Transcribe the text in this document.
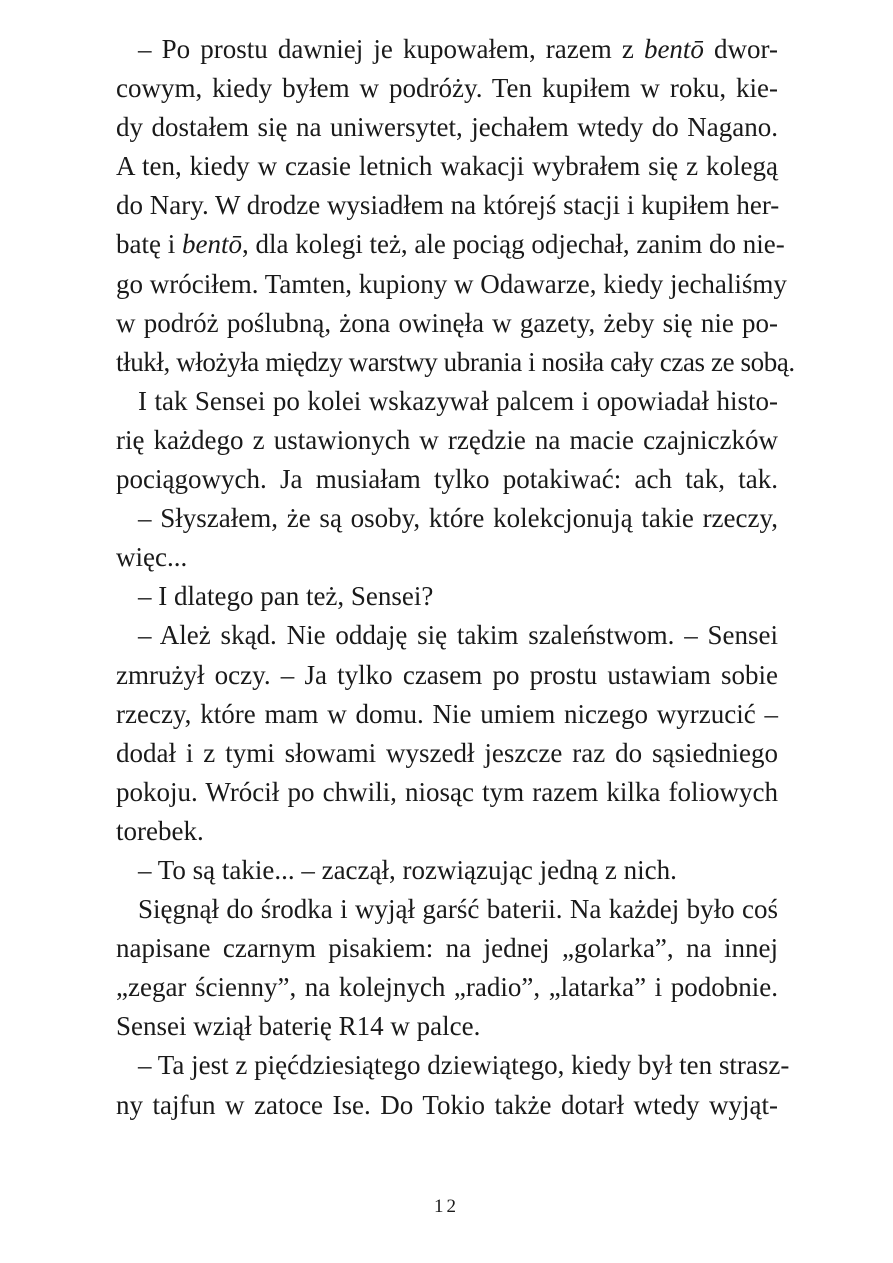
– Po prostu dawniej je kupowałem, razem z bentō dwor-
cowym, kiedy byłem w podróży. Ten kupiłem w roku, kie-
dy dostałem się na uniwersytet, jechałem wtedy do Nagano.
A ten, kiedy w czasie letnich wakacji wybrałem się z kolegą
do Nary. W drodze wysiadłem na którejś stacji i kupiłem her-
batę i bentō, dla kolegi też, ale pociąg odjechał, zanim do nie-
go wróciłem. Tamten, kupiony w Odawarze, kiedy jechaliśmy
w podróż poślubną, żona owinęła w gazety, żeby się nie po-
tłukł, włożyła między warstwy ubrania i nosiła cały czas ze sobą.
I tak Sensei po kolei wskazywał palcem i opowiadał histo-
rię każdego z ustawionych w rzędzie na macie czajniczków
pociągowych. Ja musiałam tylko potakiwać: ach tak, tak.
– Słyszałem, że są osoby, które kolekcjonują takie rzeczy,
więc...
– I dlatego pan też, Sensei?
– Ależ skąd. Nie oddaję się takim szaleństwom. – Sensei
zmrużył oczy. – Ja tylko czasem po prostu ustawiam sobie
rzeczy, które mam w domu. Nie umiem niczego wyrzucić –
dodał i z tymi słowami wyszedł jeszcze raz do sąsiedniego
pokoju. Wrócił po chwili, niosąc tym razem kilka foliowych
torebek.
– To są takie... – zaczął, rozwiązując jedną z nich.
Sięgnął do środka i wyjął garść baterii. Na każdej było coś
napisane czarnym pisakiem: na jednej „golarka”, na innej
„zegar ścienny”, na kolejnych „radio”, „latarka” i podobnie.
Sensei wziął baterię R14 w palce.
– Ta jest z pięćdziesiątego dziewiątego, kiedy był ten strasz-
ny tajfun w zatoce Ise. Do Tokio także dotarł wtedy wyjąt-
12
